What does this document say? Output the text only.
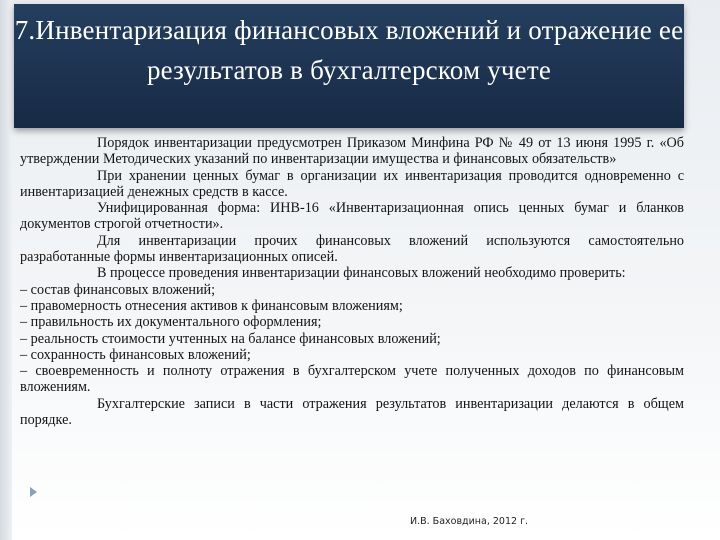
7.Инвентаризация финансовых вложений и отражение ее результатов в бухгалтерском учете

Порядок инвентаризации предусмотрен Приказом Минфина РФ № 49 от 13 июня 1995 г. «Об утверждении Методических указаний по инвентаризации имущества и финансовых обязательств»

При хранении ценных бумаг в организации их инвентаризация проводится одновременно с инвентаризацией денежных средств в кассе.

Унифицированная форма: ИНВ-16 «Инвентаризационная опись ценных бумаг и бланков документов строгой отчетности».

Для инвентаризации прочих финансовых вложений используются самостоятельно разработанные формы инвентаризационных описей.

В процессе проведения инвентаризации финансовых вложений необходимо проверить:

– состав финансовых вложений;

– правомерность отнесения активов к финансовым вложениям;

– правильность их документального оформления;

– реальность стоимости учтенных на балансе финансовых вложений;

– сохранность финансовых вложений;

– своевременность и полноту отражения в бухгалтерском учете полученных доходов по финансовым вложениям.

Бухгалтерские записи в части отражения результатов инвентаризации делаются в общем порядке.

И.В. Баховдина, 2012 г.
